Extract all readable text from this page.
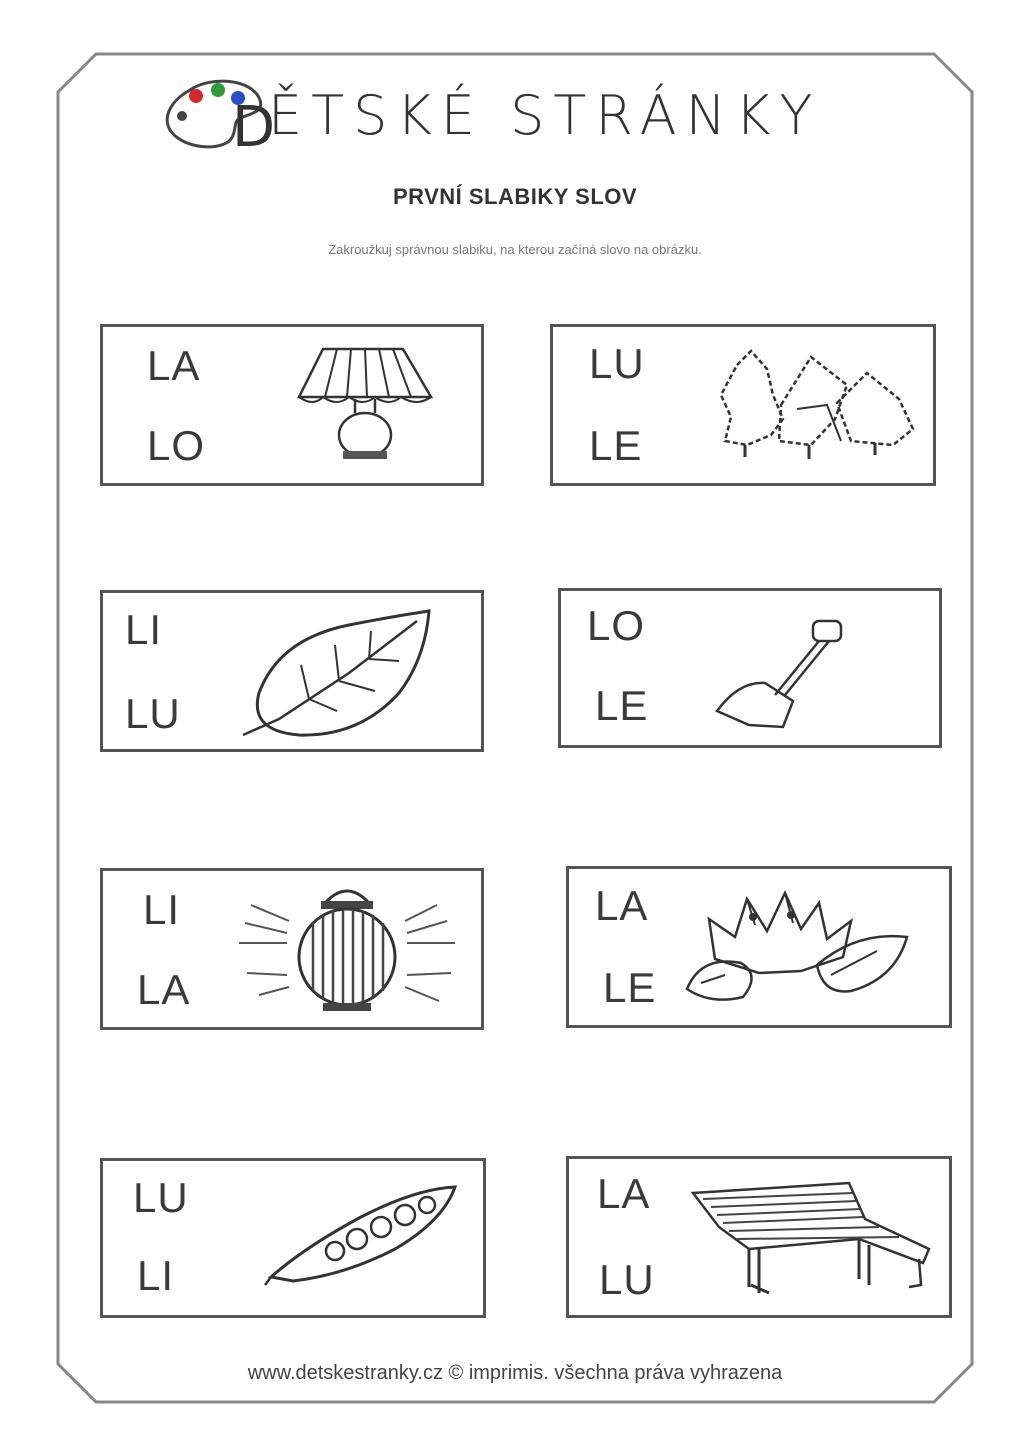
D
ĚTSKÉ STRÁNKY
PRVNÍ SLABIKY SLOV
Zakroužkuj správnou slabiku, na kterou začíná slovo na obrázku.
LA
LO
LU
LE
LI
LU
LO
LE
LI
LA
LA
LE
LU
LI
LA
LU
www.detskestranky.cz © imprimis. všechna práva vyhrazena
